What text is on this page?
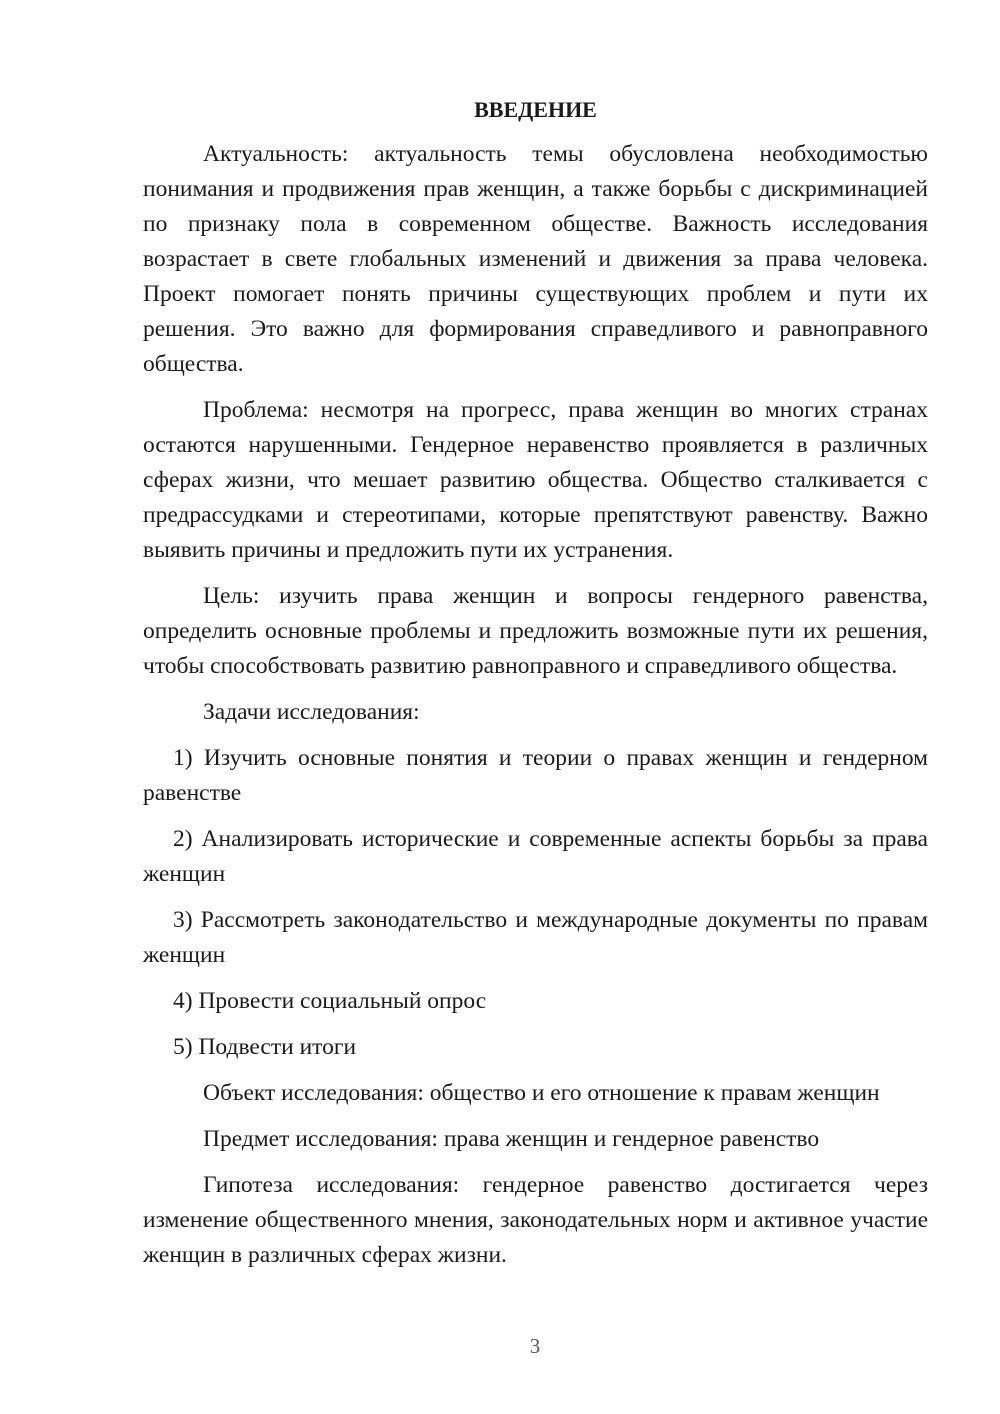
ВВЕДЕНИЕ

Актуальность: актуальность темы обусловлена необходимостью понимания и продвижения прав женщин, а также борьбы с дискриминацией по признаку пола в современном обществе. Важность исследования возрастает в свете глобальных изменений и движения за права человека. Проект помогает понять причины существующих проблем и пути их решения. Это важно для формирования справедливого и равноправного общества.

Проблема: несмотря на прогресс, права женщин во многих странах остаются нарушенными. Гендерное неравенство проявляется в различных сферах жизни, что мешает развитию общества. Общество сталкивается с предрассудками и стереотипами, которые препятствуют равенству. Важно выявить причины и предложить пути их устранения.

Цель: изучить права женщин и вопросы гендерного равенства, определить основные проблемы и предложить возможные пути их решения, чтобы способствовать развитию равноправного и справедливого общества.

Задачи исследования:

1) Изучить основные понятия и теории о правах женщин и гендерном равенстве

2) Анализировать исторические и современные аспекты борьбы за права женщин

3) Рассмотреть законодательство и международные документы по правам женщин

4) Провести социальный опрос

5) Подвести итоги

Объект исследования: общество и его отношение к правам женщин

Предмет исследования: права женщин и гендерное равенство

Гипотеза исследования: гендерное равенство достигается через изменение общественного мнения, законодательных норм и активное участие женщин в различных сферах жизни.

3
